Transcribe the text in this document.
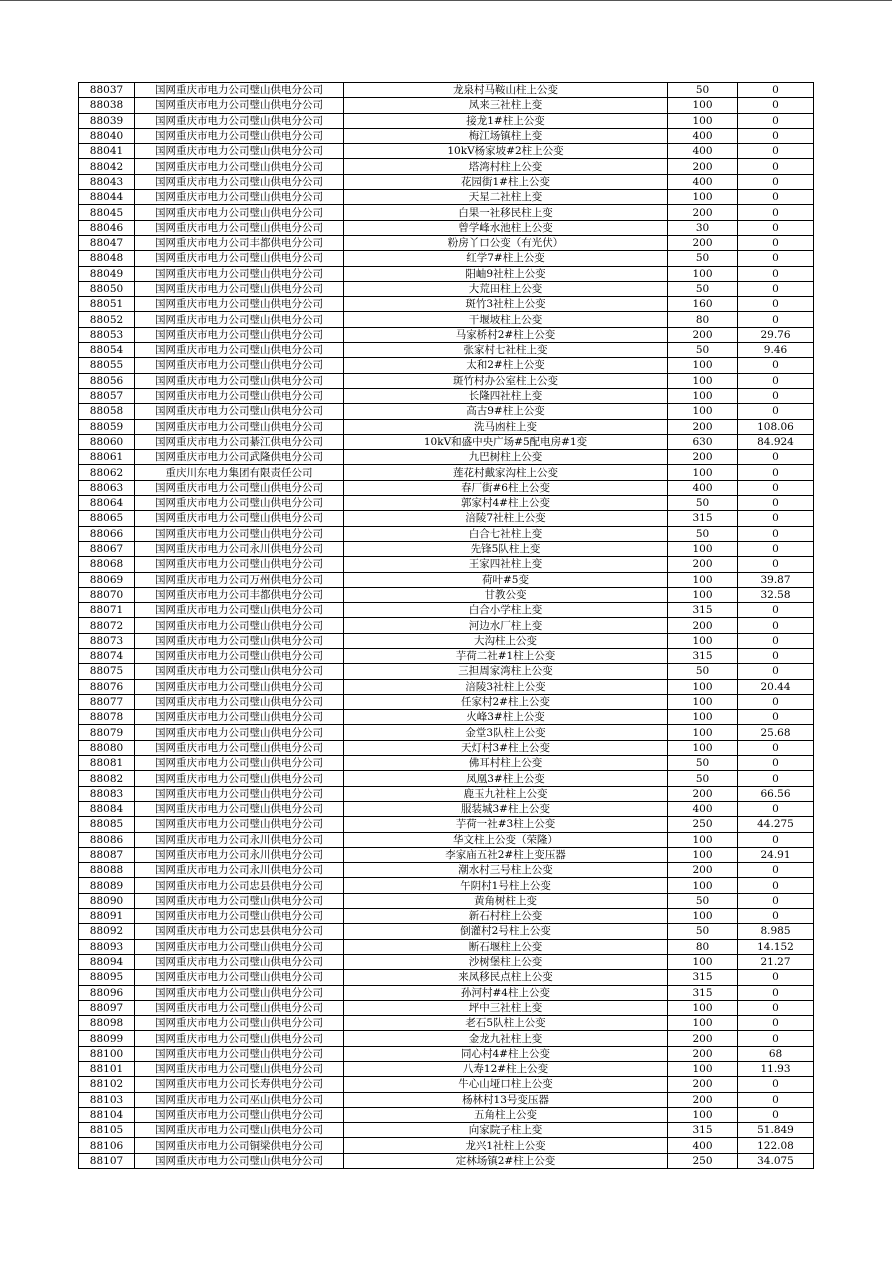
88037	国网重庆市电力公司璧山供电分公司	龙泉村马鞍山柱上公变	50	0
88038	国网重庆市电力公司璧山供电分公司	凤来三社柱上变	100	0
88039	国网重庆市电力公司璧山供电分公司	接龙1#柱上公变	100	0
88040	国网重庆市电力公司璧山供电分公司	梅江场镇柱上变	400	0
88041	国网重庆市电力公司璧山供电分公司	10kV杨家坡#2柱上公变	400	0
88042	国网重庆市电力公司璧山供电分公司	塔湾村柱上公变	200	0
88043	国网重庆市电力公司璧山供电分公司	花园街1#柱上公变	400	0
88044	国网重庆市电力公司璧山供电分公司	天星二社柱上变	100	0
88045	国网重庆市电力公司璧山供电分公司	白果一社移民柱上变	200	0
88046	国网重庆市电力公司璧山供电分公司	曾学峰水池柱上公变	30	0
88047	国网重庆市电力公司丰都供电分公司	粉房丫口公变（有光伏）	200	0
88048	国网重庆市电力公司璧山供电分公司	红学7#柱上公变	50	0
88049	国网重庆市电力公司璧山供电分公司	阳岫9社柱上公变	100	0
88050	国网重庆市电力公司璧山供电分公司	大荒田柱上公变	50	0
88051	国网重庆市电力公司璧山供电分公司	斑竹3社柱上公变	160	0
88052	国网重庆市电力公司璧山供电分公司	干堰坡柱上公变	80	0
88053	国网重庆市电力公司璧山供电分公司	马家桥村2#柱上公变	200	29.76
88054	国网重庆市电力公司璧山供电分公司	张家村七社柱上变	50	9.46
88055	国网重庆市电力公司璧山供电分公司	太和2#柱上公变	100	0
88056	国网重庆市电力公司璧山供电分公司	斑竹村办公室柱上公变	100	0
88057	国网重庆市电力公司璧山供电分公司	长隆四社柱上变	100	0
88058	国网重庆市电力公司璧山供电分公司	高古9#柱上公变	100	0
88059	国网重庆市电力公司璧山供电分公司	洗马凼柱上变	200	108.06
88060	国网重庆市电力公司綦江供电分公司	10kV和盛中央广场#5配电房#1变	630	84.924
88061	国网重庆市电力公司武隆供电分公司	九巴树柱上公变	200	0
88062	重庆川东电力集团有限责任公司	莲花村戴家沟柱上公变	100	0
88063	国网重庆市电力公司璧山供电分公司	春厂街#6柱上公变	400	0
88064	国网重庆市电力公司璧山供电分公司	郭家村4#柱上公变	50	0
88065	国网重庆市电力公司璧山供电分公司	涪陵7社柱上公变	315	0
88066	国网重庆市电力公司璧山供电分公司	白合七社柱上变	50	0
88067	国网重庆市电力公司永川供电分公司	先锋5队柱上变	100	0
88068	国网重庆市电力公司璧山供电分公司	王家四社柱上变	200	0
88069	国网重庆市电力公司万州供电分公司	荷叶#5变	100	39.87
88070	国网重庆市电力公司丰都供电分公司	甘教公变	100	32.58
88071	国网重庆市电力公司璧山供电分公司	白合小学柱上变	315	0
88072	国网重庆市电力公司璧山供电分公司	河边水厂柱上变	200	0
88073	国网重庆市电力公司璧山供电分公司	大沟柱上公变	100	0
88074	国网重庆市电力公司璧山供电分公司	芋荷二社#1柱上公变	315	0
88075	国网重庆市电力公司璧山供电分公司	三担周家湾柱上公变	50	0
88076	国网重庆市电力公司璧山供电分公司	涪陵3社柱上公变	100	20.44
88077	国网重庆市电力公司璧山供电分公司	任家村2#柱上公变	100	0
88078	国网重庆市电力公司璧山供电分公司	火峰3#柱上公变	100	0
88079	国网重庆市电力公司璧山供电分公司	金堂3队柱上公变	100	25.68
88080	国网重庆市电力公司璧山供电分公司	天灯村3#柱上公变	100	0
88081	国网重庆市电力公司璧山供电分公司	佛耳村柱上公变	50	0
88082	国网重庆市电力公司璧山供电分公司	凤凰3#柱上公变	50	0
88083	国网重庆市电力公司璧山供电分公司	鹿玉九社柱上公变	200	66.56
88084	国网重庆市电力公司璧山供电分公司	服装城3#柱上公变	400	0
88085	国网重庆市电力公司璧山供电分公司	芋荷一社#3柱上公变	250	44.275
88086	国网重庆市电力公司永川供电分公司	华文柱上公变（荣隆）	100	0
88087	国网重庆市电力公司永川供电分公司	李家庙五社2#柱上变压器	100	24.91
88088	国网重庆市电力公司永川供电分公司	潮水村三号柱上公变	200	0
88089	国网重庆市电力公司忠县供电分公司	午阴村1号柱上公变	100	0
88090	国网重庆市电力公司璧山供电分公司	黄角树柱上变	50	0
88091	国网重庆市电力公司璧山供电分公司	新石村柱上公变	100	0
88092	国网重庆市电力公司忠县供电分公司	倒灌村2号柱上公变	50	8.985
88093	国网重庆市电力公司璧山供电分公司	断石堰柱上公变	80	14.152
88094	国网重庆市电力公司璧山供电分公司	沙树堡柱上公变	100	21.27
88095	国网重庆市电力公司璧山供电分公司	来凤移民点柱上公变	315	0
88096	国网重庆市电力公司璧山供电分公司	孙河村#4柱上公变	315	0
88097	国网重庆市电力公司璧山供电分公司	坪中三社柱上变	100	0
88098	国网重庆市电力公司璧山供电分公司	老石5队柱上公变	100	0
88099	国网重庆市电力公司璧山供电分公司	金龙九社柱上变	200	0
88100	国网重庆市电力公司璧山供电分公司	同心村4#柱上公变	200	68
88101	国网重庆市电力公司璧山供电分公司	八寿12#柱上公变	100	11.93
88102	国网重庆市电力公司长寿供电分公司	牛心山垭口柱上公变	200	0
88103	国网重庆市电力公司巫山供电分公司	杨林村13号变压器	200	0
88104	国网重庆市电力公司璧山供电分公司	五角柱上公变	100	0
88105	国网重庆市电力公司璧山供电分公司	向家院子柱上变	315	51.849
88106	国网重庆市电力公司铜梁供电分公司	龙兴1社柱上公变	400	122.08
88107	国网重庆市电力公司璧山供电分公司	定林场镇2#柱上公变	250	34.075
